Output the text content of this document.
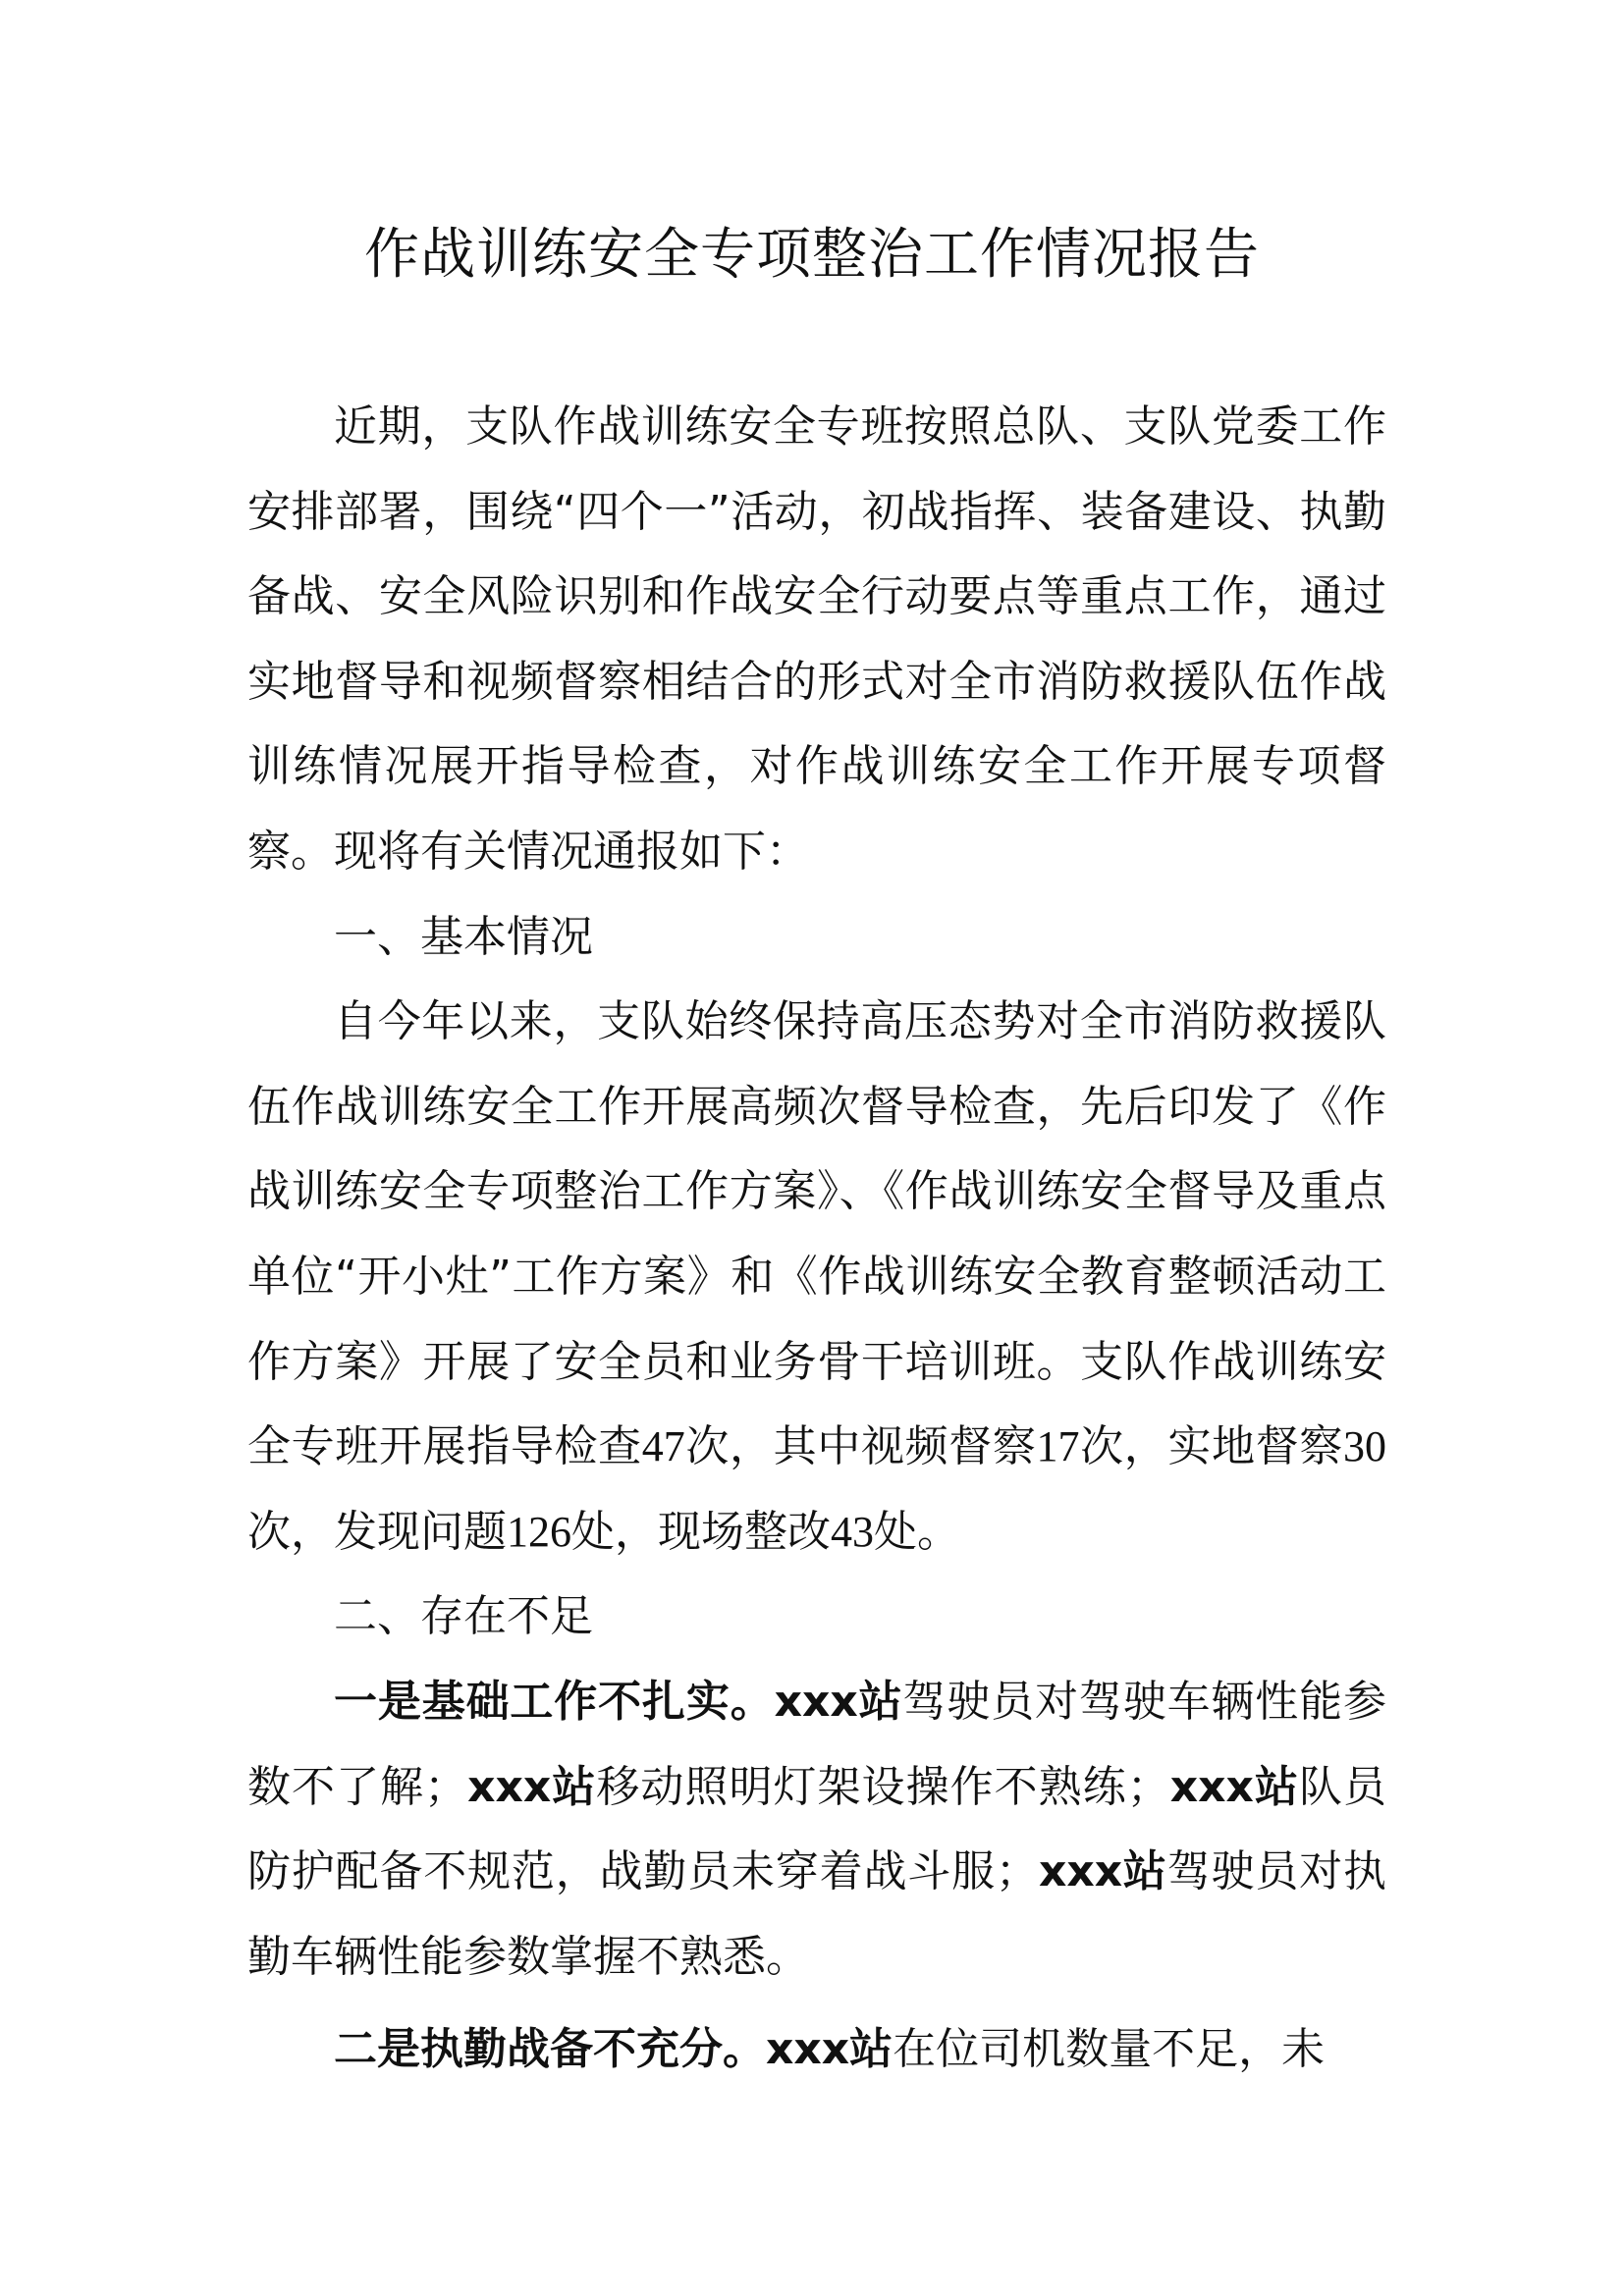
作战训练安全专项整治工作情况报告

近期，支队作战训练安全专班按照总队、支队党委工作安排部署，围绕“四个一”活动，初战指挥、装备建设、执勤备战、安全风险识别和作战安全行动要点等重点工作，通过实地督导和视频督察相结合的形式对全市消防救援队伍作战训练情况展开指导检查，对作战训练安全工作开展专项督察。现将有关情况通报如下：

一、基本情况

自今年以来，支队始终保持高压态势对全市消防救援队伍作战训练安全工作开展高频次督导检查，先后印发了《作战训练安全专项整治工作方案》、《作战训练安全督导及重点单位“开小灶”工作方案》和《作战训练安全教育整顿活动工作方案》开展了安全员和业务骨干培训班。支队作战训练安全专班开展指导检查47次，其中视频督察17次，实地督察30次，发现问题126处，现场整改43处。

二、存在不足

一是基础工作不扎实。xxx站驾驶员对驾驶车辆性能参数不了解；xxx站移动照明灯架设操作不熟练；xxx站队员防护配备不规范，战勤员未穿着战斗服；xxx站驾驶员对执勤车辆性能参数掌握不熟悉。

二是执勤战备不充分。xxx站在位司机数量不足，未
